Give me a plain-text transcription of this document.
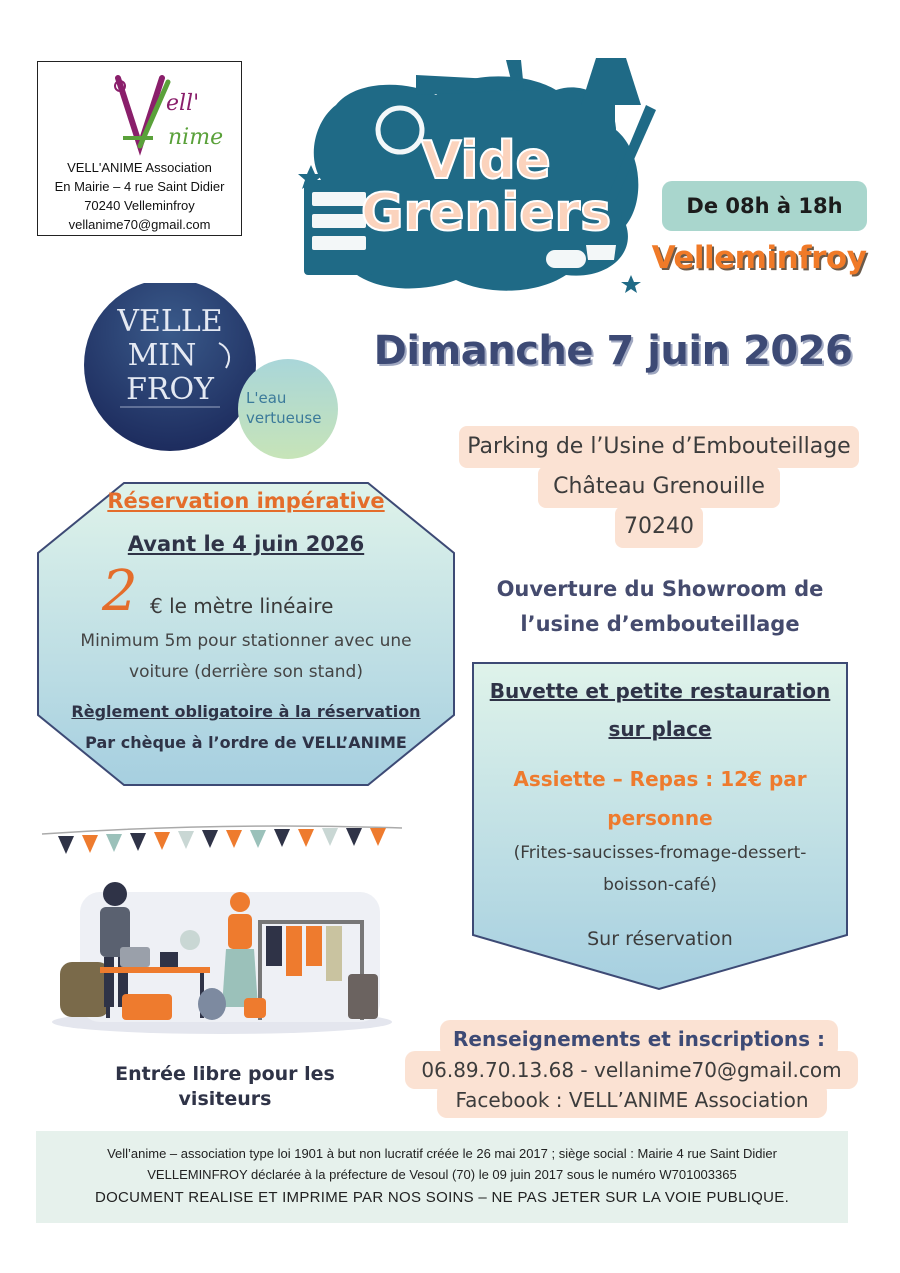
ell'
nime
VELL'ANIME Association
En Mairie – 4 rue Saint Didier
70240 Velleminfroy
vellanime70@gmail.com
Vide
Greniers	De 08h à 18h
Velleminfroy
VELLE
MIN
FROY L'eau
vertueuse
Dimanche 7 juin 2026
Parking de l’Usine d’Embouteillage
Château Grenouille
70240
Ouverture du Showroom de
l’usine d’embouteillage
Réservation impérative
Avant le 4 juin 2026
2 € le mètre linéaire
Minimum 5m pour stationner avec une
voiture (derrière son stand)
Règlement obligatoire à la réservation
Par chèque à l’ordre de VELL’ANIME
Buvette et petite restauration
sur place
Assiette – Repas : 12€ par
personne
(Frites-saucisses-fromage-dessert-
boisson-café)
Sur réservation
Entrée libre pour les
visiteurs
Renseignements et inscriptions :
06.89.70.13.68 - vellanime70@gmail.com
Facebook : VELL’ANIME Association
Vell’anime – association type loi 1901 à but non lucratif créée le 26 mai 2017 ; siège social : Mairie 4 rue Saint Didier
VELLEMINFROY déclarée à la préfecture de Vesoul (70) le 09 juin 2017 sous le numéro W701003365
DOCUMENT REALISE ET IMPRIME PAR NOS SOINS – NE PAS JETER SUR LA VOIE PUBLIQUE.
